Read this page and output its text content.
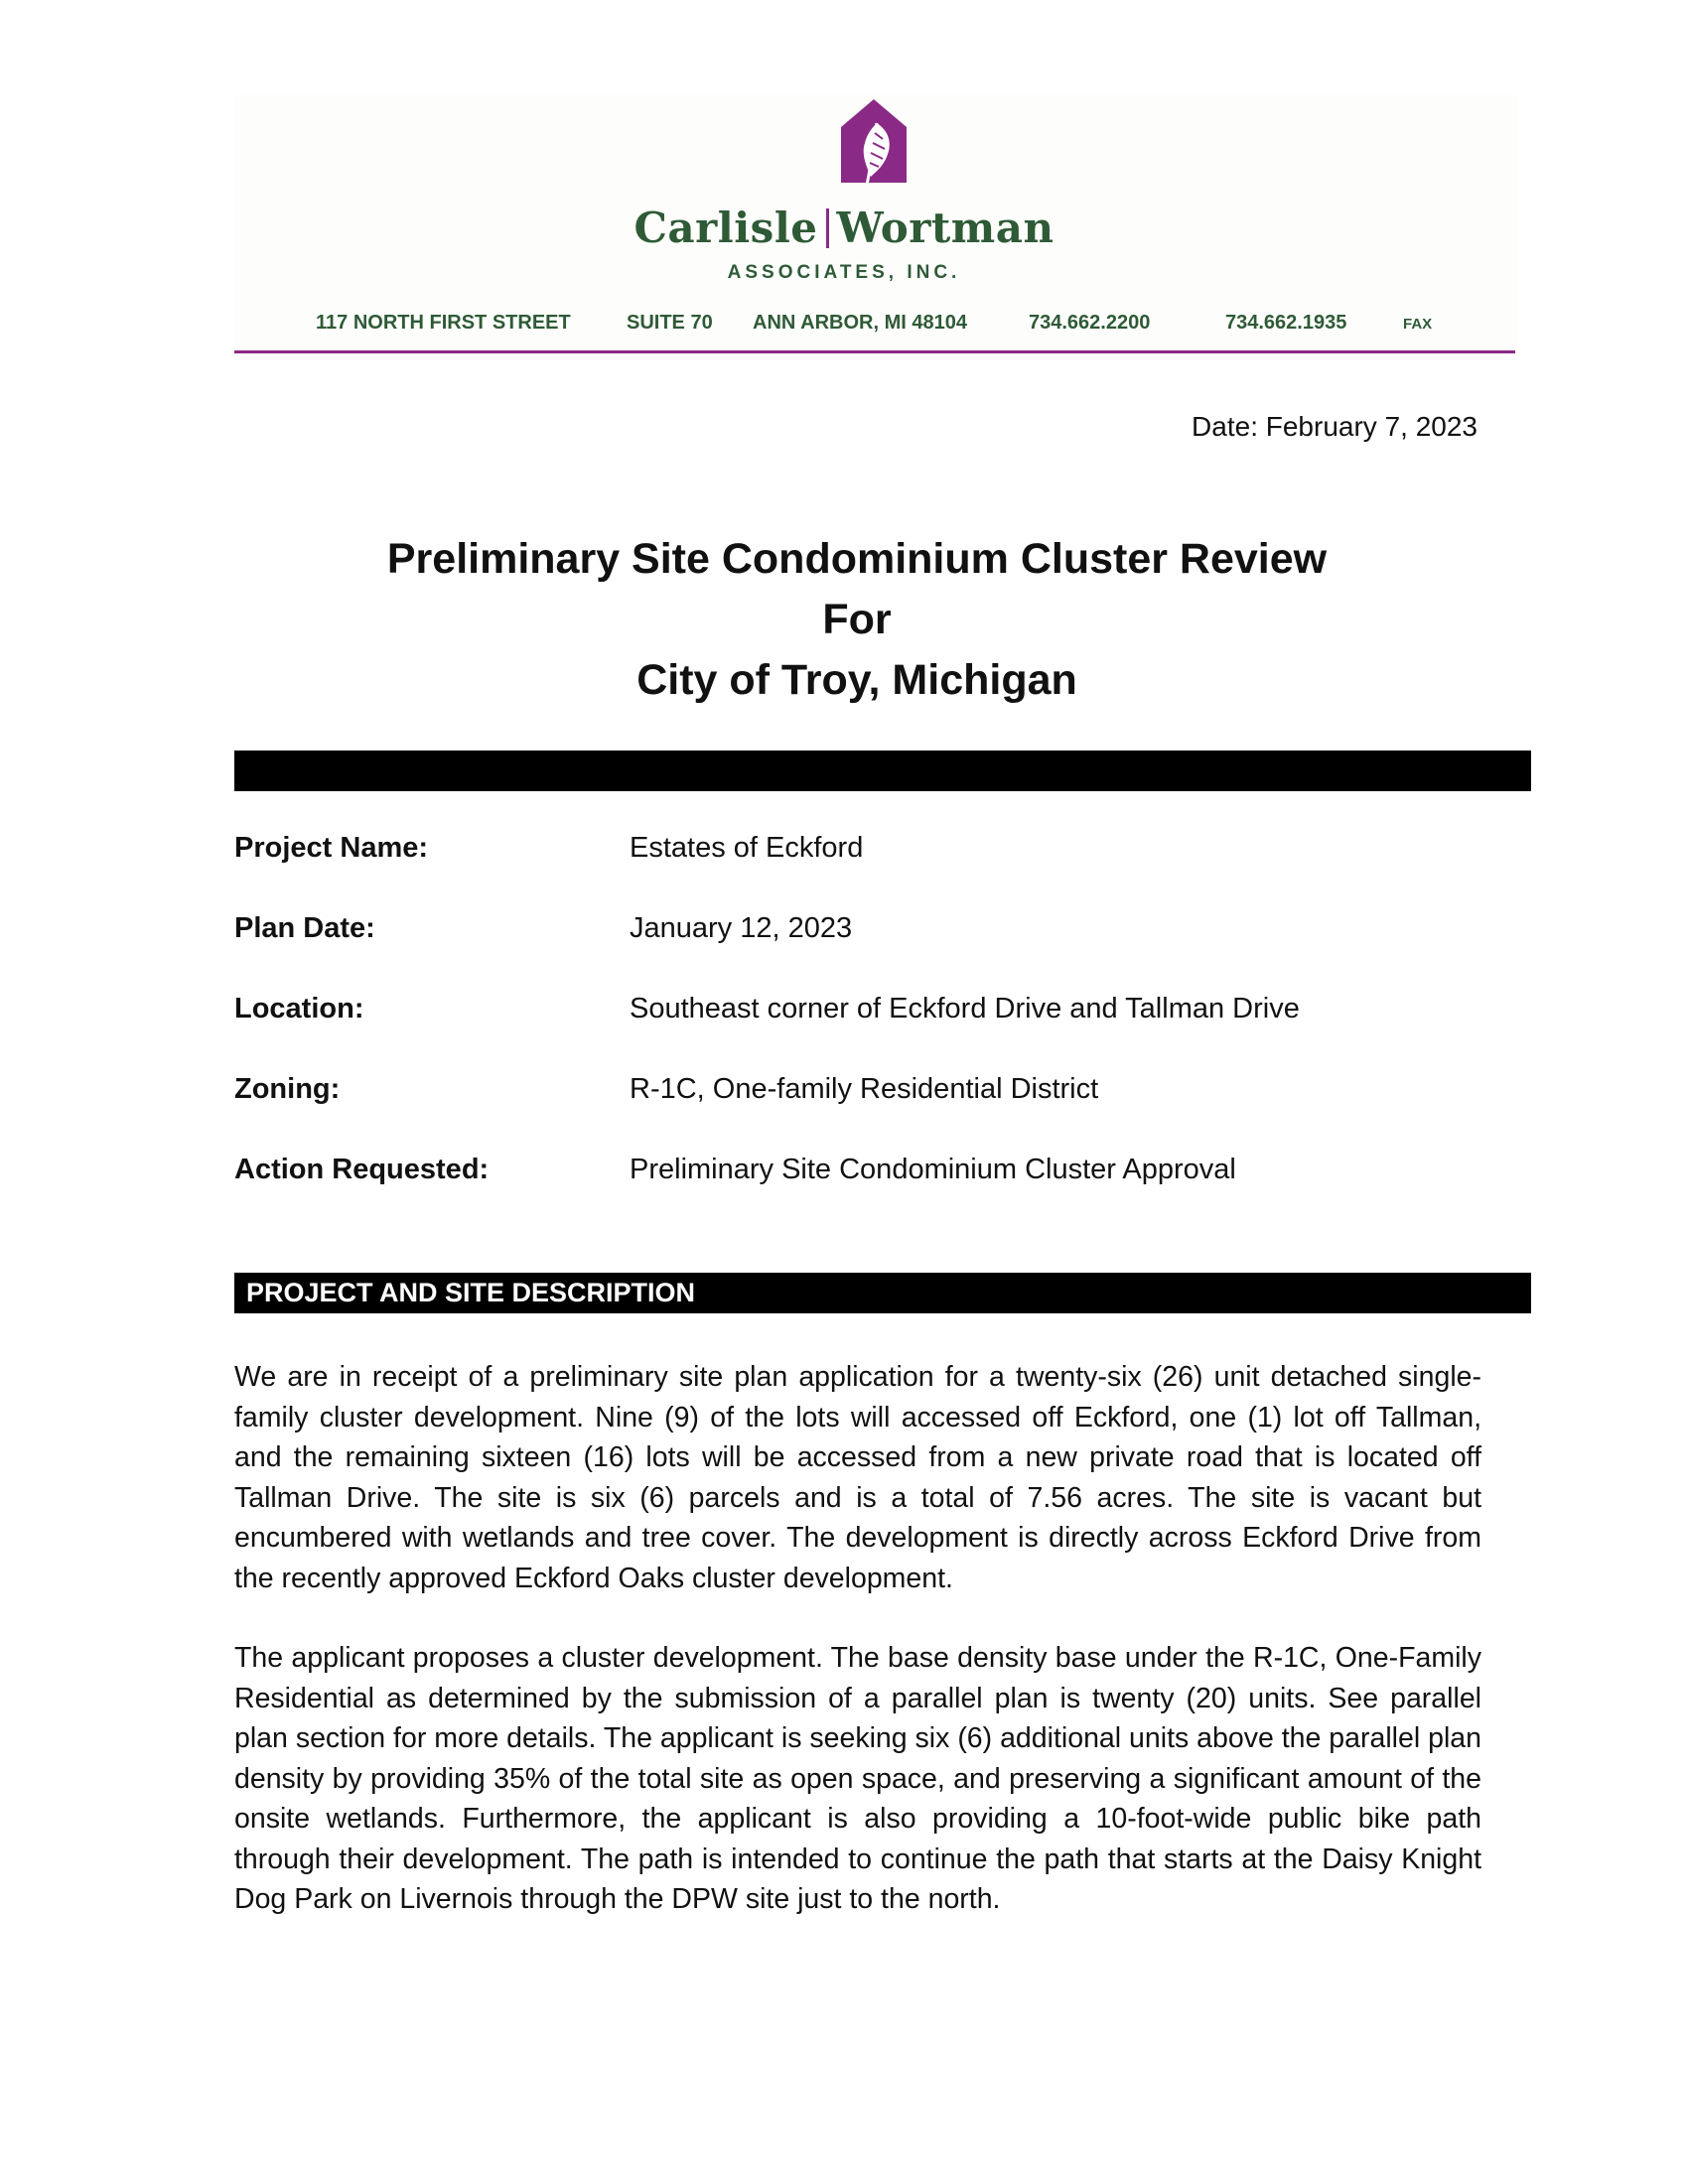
Carlisle Wortman
ASSOCIATES, INC.
117 NORTH FIRST STREET	SUITE 70 ANN ARBOR, MI 48104	734.662.2200	734.662.1935	FAX
Date: February 7, 2023
Preliminary Site Condominium Cluster Review
For
City of Troy, Michigan
Project Name:	Estates of Eckford
Plan Date:	January 12, 2023
Location:	Southeast corner of Eckford Drive and Tallman Drive
Zoning:	R-1C, One-family Residential District
Action Requested:	Preliminary Site Condominium Cluster Approval
PROJECT AND SITE DESCRIPTION
We are in receipt of a preliminary site plan application for a twenty-six (26) unit detached single-family cluster development. Nine (9) of the lots will accessed off Eckford, one (1) lot off Tallman, and the remaining sixteen (16) lots will be accessed from a new private road that is located off Tallman Drive. The site is six (6) parcels and is a total of 7.56 acres. The site is vacant but encumbered with wetlands and tree cover. The development is directly across Eckford Drive from the recently approved Eckford Oaks cluster development.
The applicant proposes a cluster development. The base density base under the R-1C, One-Family Residential as determined by the submission of a parallel plan is twenty (20) units. See parallel plan section for more details. The applicant is seeking six (6) additional units above the parallel plan density by providing 35% of the total site as open space, and preserving a significant amount of the onsite wetlands. Furthermore, the applicant is also providing a 10-foot-wide public bike path through their development. The path is intended to continue the path that starts at the Daisy Knight Dog Park on Livernois through the DPW site just to the north.
